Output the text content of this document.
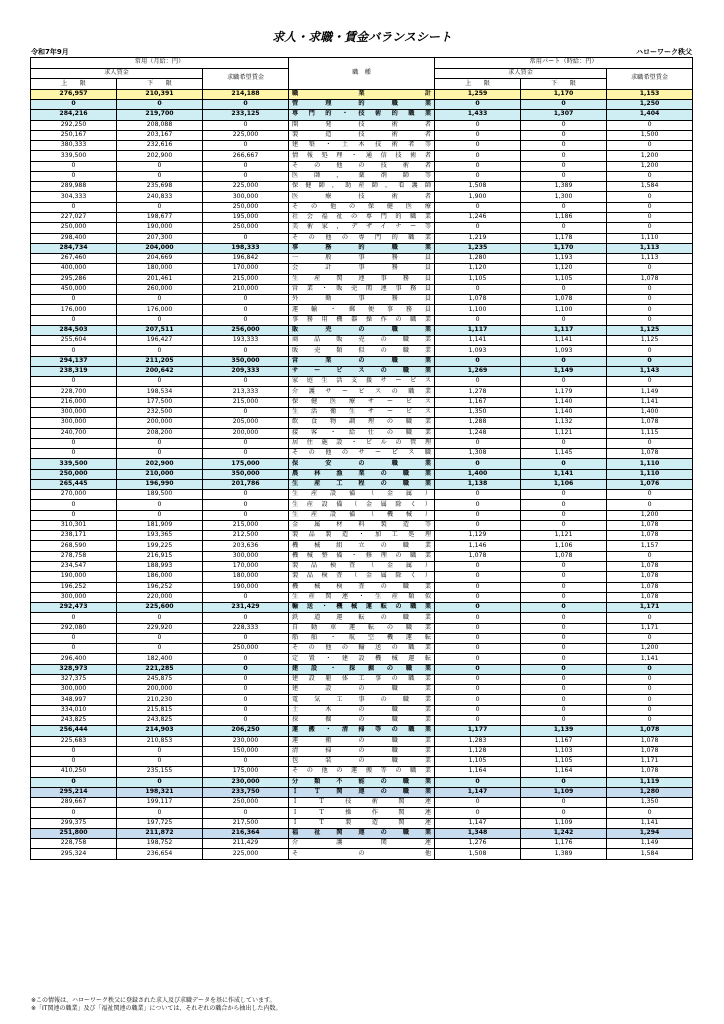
求人・求職・賃金バランスシート
令和7年9月	ハローワーク秩父
常用（月給：円）			職　種	常用パート（時給：円）		
求人賃金		求職希望賃金		求人賃金		求職希望賃金
上　　限	下　　限			上　　限	下　　限	
276,957	210,391	214,188	職業計	1,259	1,170	1,153
0	0	0	管理的職業	0	0	1,250
284,216	219,700	233,125	専門的・技術的職業	1,433	1,307	1,404
292,250	208,088	0	開発技術者	0	0	0
250,167	203,167	225,000	製造技術者	0	0	1,500
380,333	232,616	0	建築・土木技術者等	0	0	0
339,500	202,900	266,667	情報処理・通信技術者	0	0	1,200
0	0	0	その他の技術者	0	0	1,200
0	0	0	医師，薬剤師等	0	0	0
289,988	235,698	225,000	保健師，助産師，看護師	1,508	1,389	1,584
304,333	240,833	300,000	医療技術者	1,900	1,300	0
0	0	250,000	その他の保健医療	0	0	0
227,027	198,677	195,000	社会福祉の専門的職業	1,246	1,186	0
250,000	190,000	250,000	美術家，デザイナー等	0	0	0
298,400	207,300	0	その他の専門的職業	1,219	1,178	1,110
284,734	204,000	198,333	事務的職業	1,235	1,170	1,113
267,460	204,669	196,842	一般事務員	1,280	1,193	1,113
400,000	180,000	170,000	会計事務員	1,120	1,120	0
295,286	201,461	215,000	生産関連事務員	1,105	1,105	1,078
450,000	260,000	210,000	営業・販売関連事務員	0	0	0
0	0	0	外勤事務員	1,078	1,078	0
176,000	176,000	0	運輸・郵便事務員	1,100	1,100	0
0	0	0	事務用機器操作の職業	0	0	0
284,503	207,511	256,000	販売の職業	1,117	1,117	1,125
255,604	196,427	193,333	商品販売の職業	1,141	1,141	1,125
0	0	0	販売類似の職業	1,093	1,093	0
294,137	211,205	350,000	営業の職業	0	0	0
238,319	200,642	209,333	サービスの職業	1,269	1,149	1,143
0	0	0	家庭生活支援サービス	0	0	0
228,700	198,534	213,333	介護サービスの職業	1,278	1,179	1,149
216,000	177,500	215,000	保健医療サービス	1,167	1,140	1,141
300,000	232,500	0	生活衛生サービス	1,350	1,140	1,400
300,000	200,000	205,000	飲食物調理の職業	1,288	1,132	1,078
240,700	208,200	200,000	接客・給仕の職業	1,248	1,121	1,115
0	0	0	居住施設・ビルの管理	0	0	0
0	0	0	その他のサービス職	1,308	1,145	1,078
339,500	202,900	175,000	保安の職業	0	0	1,110
250,000	210,000	350,000	農林漁業の職業	1,400	1,141	1,110
265,445	196,990	201,786	生産工程の職業	1,138	1,106	1,076
270,000	189,500	0	生産設備（金属）	0	0	0
0	0	0	生産設備（金属除く）	0	0	0
0	0	0	生産設備（機械）	0	0	1,200
310,301	181,909	215,000	金属材料製造等	0	0	1,078
238,171	193,365	212,500	製品製造・加工処理	1,129	1,121	1,078
268,590	199,225	203,636	機械組立の職業	1,146	1,106	1,157
278,758	216,915	300,000	機械整備・修理の職業	1,078	1,078	0
234,547	188,993	170,000	製品検査（金属）	0	0	1,078
190,000	186,000	180,000	製品検査（金属除く）	0	0	1,078
196,252	196,252	190,000	機械検査の職業	0	0	1,078
300,000	220,000	0	生産関連・生産類似	0	0	1,078
292,473	225,600	231,429	輸送・機械運転の職業	0	0	1,171
0	0	0	鉄道運転の職業	0	0	0
292,080	229,920	228,333	自動車運転の職業	0	0	1,171
0	0	0	船舶・航空機運転	0	0	0
0	0	250,000	その他の輸送の職業	0	0	1,200
296,400	182,400	0	定置・建設機械運転	0	0	1,141
328,973	221,285	0	建設・採掘の職業	0	0	0
327,375	245,875	0	建設躯体工事の職業	0	0	0
300,000	200,000	0	建設の職業	0	0	0
348,997	210,230	0	電気工事の職業	0	0	0
334,010	215,815	0	土木の職業	0	0	0
243,825	243,825	0	採掘の職業	0	0	0
256,444	214,903	206,250	運搬・清掃等の職業	1,177	1,139	1,078
225,683	210,853	230,000	運搬の職業	1,283	1,167	1,078
0	0	150,000	清掃の職業	1,128	1,103	1,078
0	0	0	包装の職業	1,105	1,105	1,171
410,250	235,155	175,000	その他の運搬等の職業	1,164	1,164	1,078
0	0	230,000	分類不能の職業	0	0	1,119
295,214	198,321	233,750	ＩＴ関連の職業	1,147	1,109	1,280
289,667	199,117	250,000	ＩＴ技術関連	0	0	1,350
0	0	0	ＩＴ操作関連	0	0	0
299,375	197,725	217,500	ＩＴ製造関連	1,147	1,109	1,141
251,800	211,872	216,364	福祉関連の職業	1,348	1,242	1,294
228,758	198,752	211,429	介護関連	1,276	1,176	1,149
295,324	236,654	225,000	その他	1,508	1,389	1,584
※この情報は、ハローワーク秩父に登録された求人及び求職データを基に作成しています。
※「IT関連の職業」及び「福祉関連の職業」については、それぞれの職合から抽出した内数。
